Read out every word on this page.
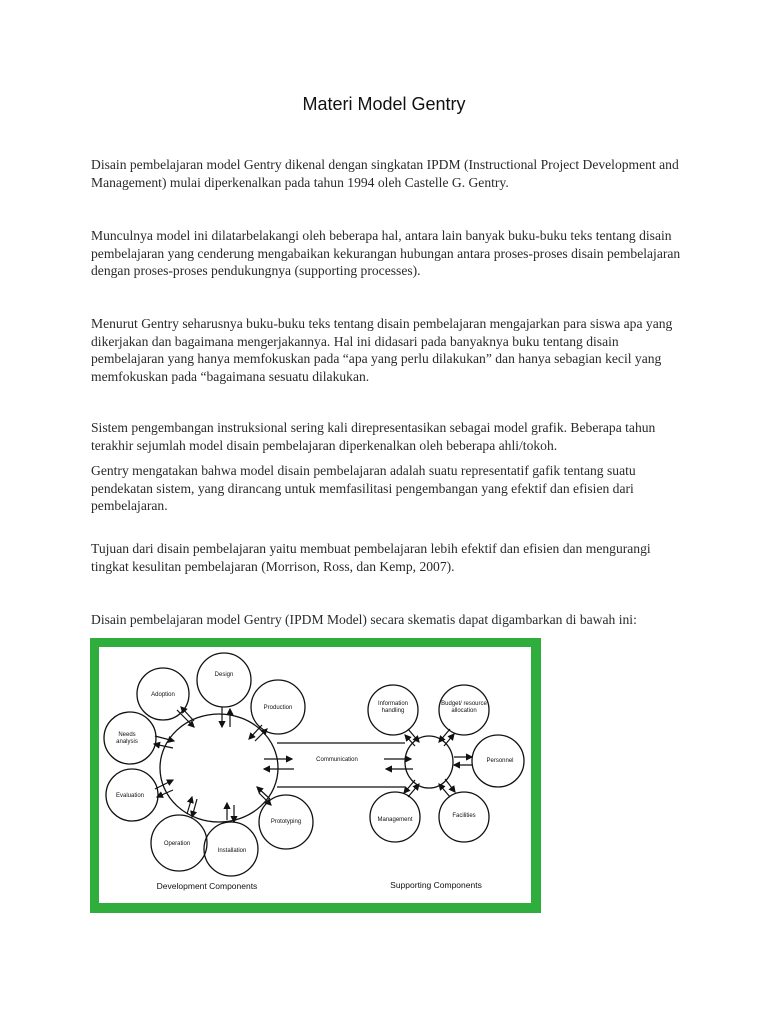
Materi Model Gentry

Disain pembelajaran model Gentry dikenal dengan singkatan IPDM (Instructional Project Development and Management) mulai diperkenalkan pada tahun 1994 oleh Castelle G. Gentry.

Munculnya model ini dilatarbelakangi oleh beberapa hal, antara lain banyak buku-buku teks tentang disain pembelajaran yang cenderung mengabaikan kekurangan hubungan antara proses-proses disain pembelajaran dengan proses-proses pendukungnya (supporting processes).

Menurut Gentry seharusnya buku-buku teks tentang disain pembelajaran mengajarkan para siswa apa yang dikerjakan dan bagaimana mengerjakannya. Hal ini didasari pada banyaknya buku tentang disain pembelajaran yang hanya memfokuskan pada “apa yang perlu dilakukan” dan hanya sebagian kecil yang memfokuskan pada “bagaimana sesuatu dilakukan.

Sistem pengembangan instruksional sering kali direpresentasikan sebagai model grafik. Beberapa tahun terakhir sejumlah model disain pembelajaran diperkenalkan oleh beberapa ahli/tokoh.

Gentry mengatakan bahwa model disain pembelajaran adalah suatu representatif gafik tentang suatu pendekatan sistem, yang dirancang untuk memfasilitasi pengembangan yang efektif dan efisien dari pembelajaran.

Tujuan dari disain pembelajaran yaitu membuat pembelajaran lebih efektif dan efisien dan mengurangi tingkat kesulitan pembelajaran (Morrison, Ross, dan Kemp, 2007).

Disain pembelajaran model Gentry (IPDM Model) secara skematis dapat digambarkan di bawah ini:

Adoption
Design
Production
Needs
analysis
Evaluation
Operation
Installation
Prototyping
Communication
Information
handling
Budget/ resource
allocation
Personnel
Management
Facilities
Development Components	Supporting Components
